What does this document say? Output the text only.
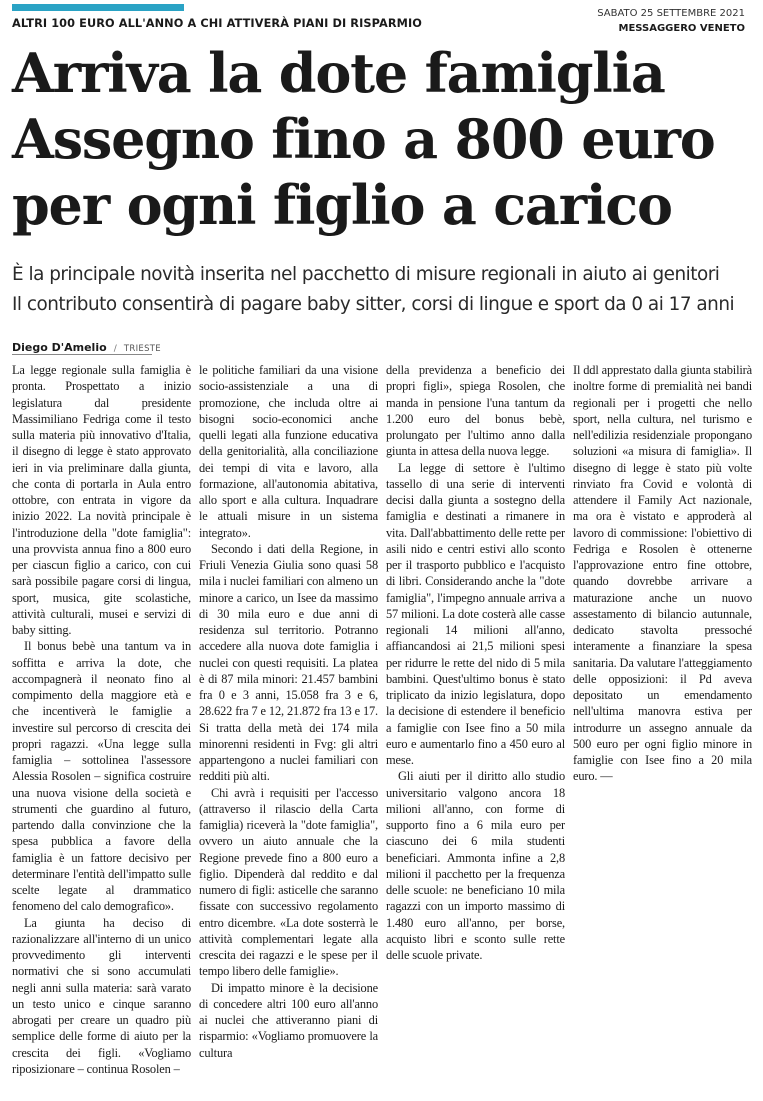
ALTRI 100 EURO ALL'ANNO A CHI ATTIVERÀ PIANI DI RISPARMIO
SABATO 25 SETTEMBRE 2021
MESSAGGERO VENETO
Arriva la dote famiglia
Assegno fino a 800 euro
per ogni figlio a carico
È la principale novità inserita nel pacchetto di misure regionali in aiuto ai genitori
Il contributo consentirà di pagare baby sitter, corsi di lingue e sport da 0 ai 17 anni
Diego D'Amelio / TRIESTE

La legge regionale sulla famiglia è pronta. Prospettato a inizio legislatura dal presidente Massimiliano Fedriga come il testo sulla materia più innovativo d'Italia, il disegno di legge è stato approvato ieri in via preliminare dalla giunta, che conta di portarla in Aula entro ottobre, con entrata in vigore da inizio 2022. La novità principale è l'introduzione della "dote famiglia": una provvista annua fino a 800 euro per ciascun figlio a carico, con cui sarà possibile pagare corsi di lingua, sport, musica, gite scolastiche, attività culturali, musei e servizi di baby sitting.

Il bonus bebè una tantum va in soffitta e arriva la dote, che accompagnerà il neonato fino al compimento della maggiore età e che incentiverà le famiglie a investire sul percorso di crescita dei propri ragazzi. «Una legge sulla famiglia – sottolinea l'assessore Alessia Rosolen – significa costruire una nuova visione della società e strumenti che guardino al futuro, partendo dalla convinzione che la spesa pubblica a favore della famiglia è un fattore decisivo per determinare l'entità dell'impatto sulle scelte legate al drammatico fenomeno del calo demografico».

La giunta ha deciso di razionalizzare all'interno di un unico provvedimento gli interventi normativi che si sono accumulati negli anni sulla materia: sarà varato un testo unico e cinque saranno abrogati per creare un quadro più semplice delle forme di aiuto per la crescita dei figli. «Vogliamo riposizionare – continua Rosolen –

le politiche familiari da una visione socio-assistenziale a una di promozione, che includa oltre ai bisogni socio-economici anche quelli legati alla funzione educativa della genitorialità, alla conciliazione dei tempi di vita e lavoro, alla formazione, all'autonomia abitativa, allo sport e alla cultura. Inquadrare le attuali misure in un sistema integrato».

Secondo i dati della Regione, in Friuli Venezia Giulia sono quasi 58 mila i nuclei familiari con almeno un minore a carico, un Isee da massimo di 30 mila euro e due anni di residenza sul territorio. Potranno accedere alla nuova dote famiglia i nuclei con questi requisiti. La platea è di 87 mila minori: 21.457 bambini fra 0 e 3 anni, 15.058 fra 3 e 6, 28.622 fra 7 e 12, 21.872 fra 13 e 17. Si tratta della metà dei 174 mila minorenni residenti in Fvg: gli altri appartengono a nuclei familiari con redditi più alti.

Chi avrà i requisiti per l'accesso (attraverso il rilascio della Carta famiglia) riceverà la "dote famiglia", ovvero un aiuto annuale che la Regione prevede fino a 800 euro a figlio. Dipenderà dal reddito e dal numero di figli: asticelle che saranno fissate con successivo regolamento entro dicembre. «La dote sosterrà le attività complementari legate alla crescita dei ragazzi e le spese per il tempo libero delle famiglie».

Di impatto minore è la decisione di concedere altri 100 euro all'anno ai nuclei che attiveranno piani di risparmio: «Vogliamo promuovere la cultura

della previdenza a beneficio dei propri figli», spiega Rosolen, che manda in pensione l'una tantum da 1.200 euro del bonus bebè, prolungato per l'ultimo anno dalla giunta in attesa della nuova legge.

La legge di settore è l'ultimo tassello di una serie di interventi decisi dalla giunta a sostegno della famiglia e destinati a rimanere in vita. Dall'abbattimento delle rette per asili nido e centri estivi allo sconto per il trasporto pubblico e l'acquisto di libri. Considerando anche la "dote famiglia", l'impegno annuale arriva a 57 milioni. La dote costerà alle casse regionali 14 milioni all'anno, affiancandosi ai 21,5 milioni spesi per ridurre le rette del nido di 5 mila bambini. Quest'ultimo bonus è stato triplicato da inizio legislatura, dopo la decisione di estendere il beneficio a famiglie con Isee fino a 50 mila euro e aumentarlo fino a 450 euro al mese.

Gli aiuti per il diritto allo studio universitario valgono ancora 18 milioni all'anno, con forme di supporto fino a 6 mila euro per ciascuno dei 6 mila studenti beneficiari. Ammonta infine a 2,8 milioni il pacchetto per la frequenza delle scuole: ne beneficiano 10 mila ragazzi con un importo massimo di 1.480 euro all'anno, per borse, acquisto libri e sconto sulle rette delle scuole private.

Il ddl apprestato dalla giunta stabilirà inoltre forme di premialità nei bandi regionali per i progetti che nello sport, nella cultura, nel turismo e nell'edilizia residenziale propongano soluzioni «a misura di famiglia». Il disegno di legge è stato più volte rinviato fra Covid e volontà di attendere il Family Act nazionale, ma ora è vistato e approderà al lavoro di commissione: l'obiettivo di Fedriga e Rosolen è ottenerne l'approvazione entro fine ottobre, quando dovrebbe arrivare a maturazione anche un nuovo assestamento di bilancio autunnale, dedicato stavolta pressoché interamente a finanziare la spesa sanitaria. Da valutare l'atteggiamento delle opposizioni: il Pd aveva depositato un emendamento nell'ultima manovra estiva per introdurre un assegno annuale da 500 euro per ogni figlio minore in famiglie con Isee fino a 20 mila euro. —
